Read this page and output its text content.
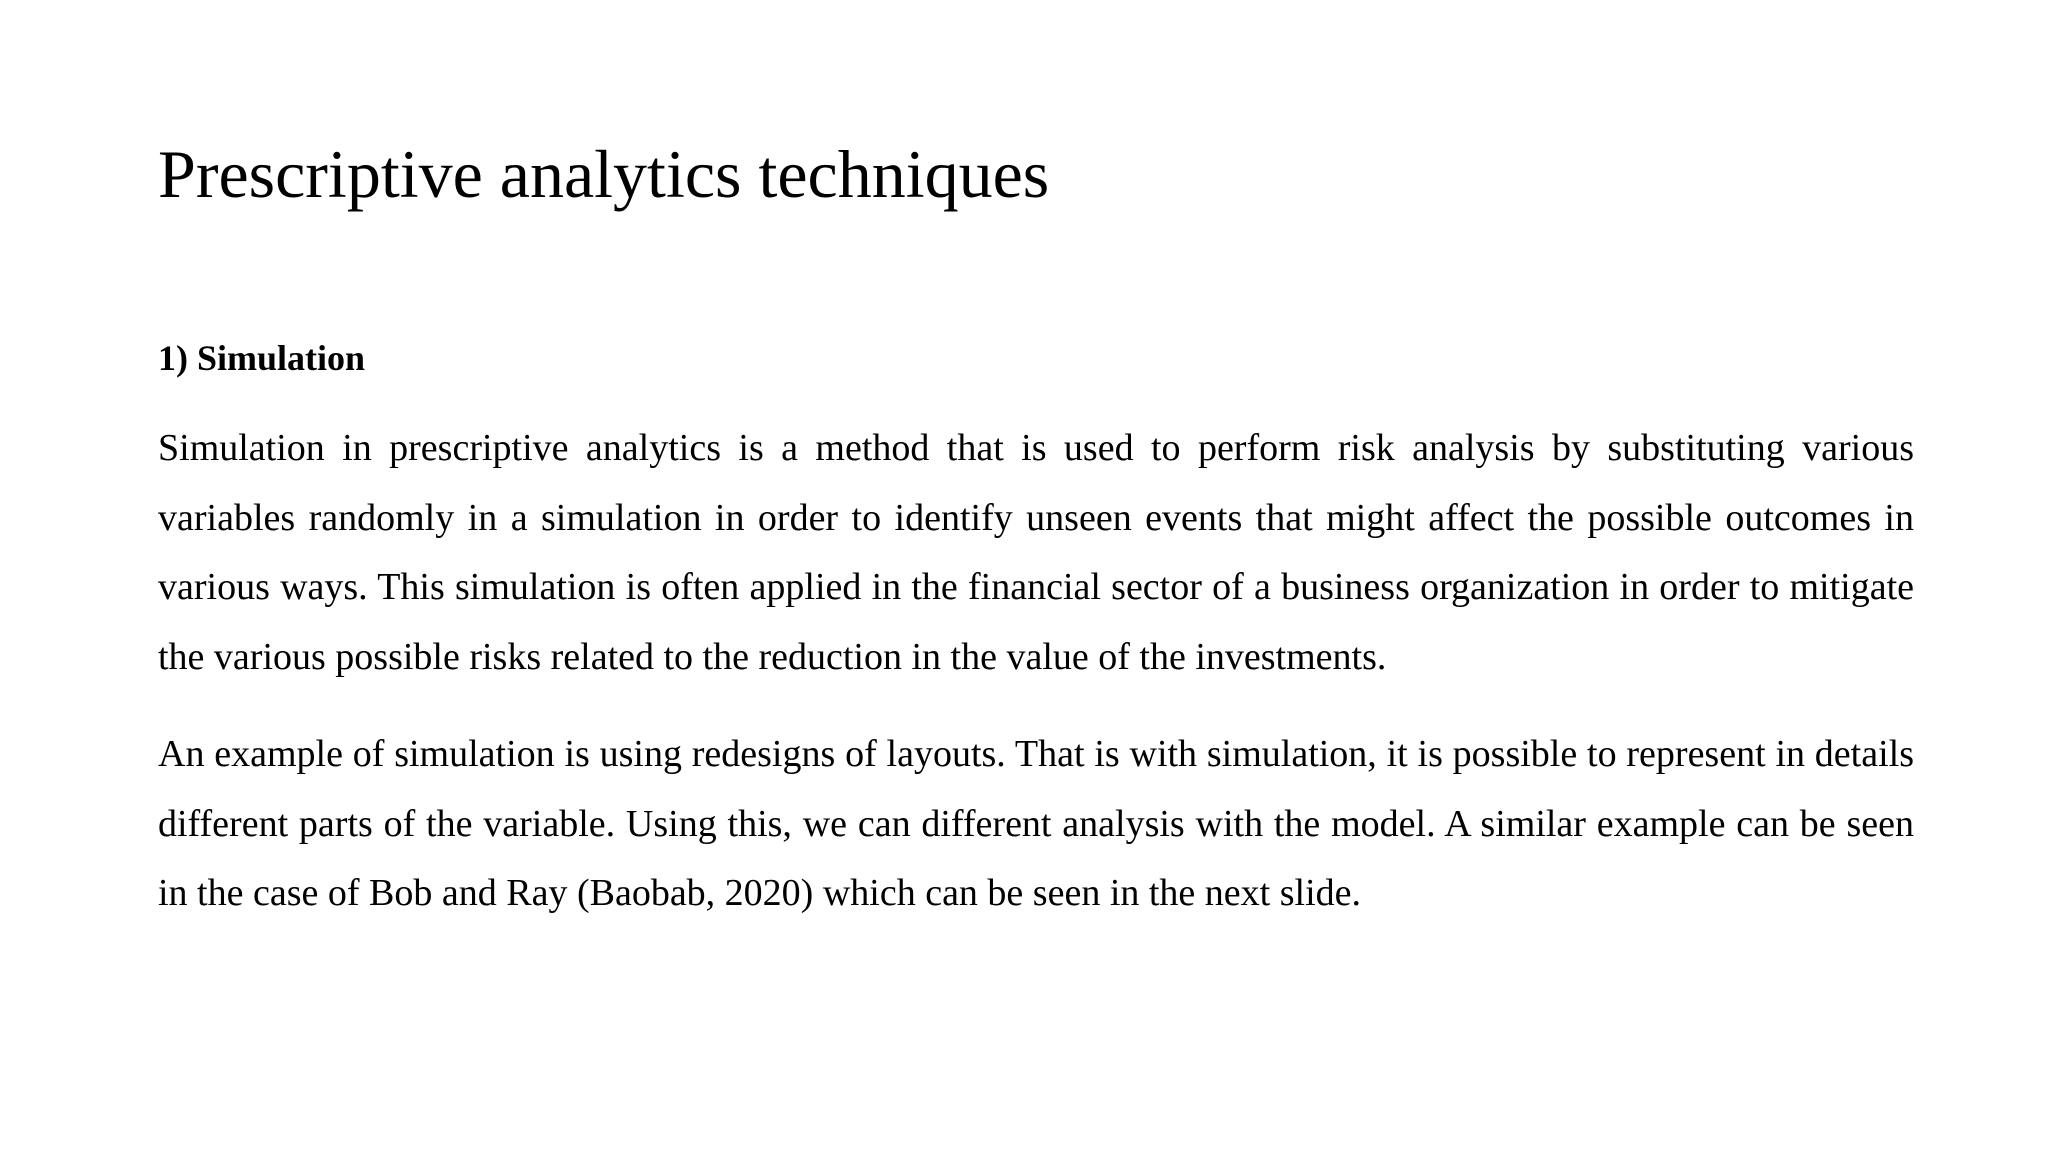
Prescriptive analytics techniques
1) Simulation

Simulation in prescriptive analytics is a method that is used to perform risk analysis by substituting various variables randomly in a simulation in order to identify unseen events that might affect the possible outcomes in various ways. This simulation is often applied in the financial sector of a business organization in order to mitigate the various possible risks related to the reduction in the value of the investments.

An example of simulation is using redesigns of layouts. That is with simulation, it is possible to represent in details different parts of the variable. Using this, we can different analysis with the model. A similar example can be seen in the case of Bob and Ray (Baobab, 2020) which can be seen in the next slide.
